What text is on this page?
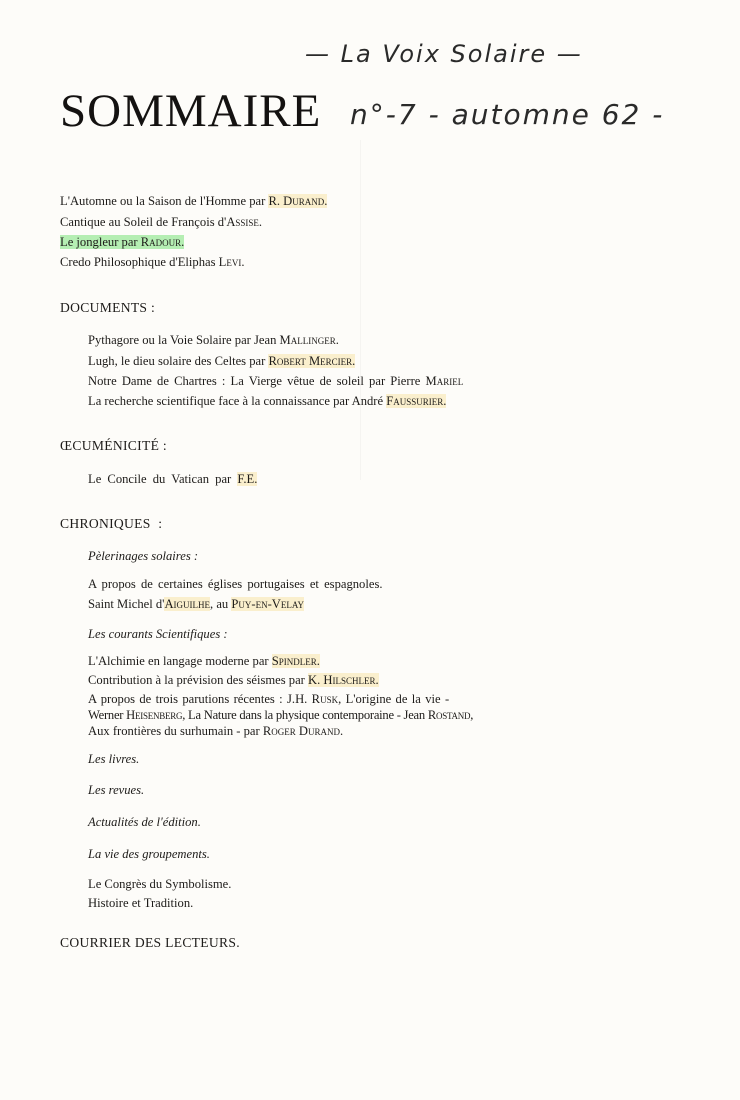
— La Voix Solaire —
SOMMAIRE n°-7 - automne 62 -
L'Automne ou la Saison de l'Homme par R. Durand.
Cantique au Soleil de François d'Assise.
Le jongleur par Radour.
Credo Philosophique d'Eliphas Levi.
DOCUMENTS :
Pythagore ou la Voie Solaire par Jean Mallinger.
Lugh, le dieu solaire des Celtes par Robert Mercier.
Notre Dame de Chartres : La Vierge vêtue de soleil par Pierre Mariel
La recherche scientifique face à la connaissance par André Faussurier.
ŒCUMÉNICITÉ :
Le Concile du Vatican par F.E.
CHRONIQUES :
Pèlerinages solaires :
A propos de certaines églises portugaises et espagnoles.
Saint Michel d'Aiguilhe, au Puy-en-Velay
Les courants Scientifiques :
L'Alchimie en langage moderne par Spindler.
Contribution à la prévision des séismes par K. Hilschler.
A propos de trois parutions récentes : J.H. Rusk, L'origine de la vie -
Werner Heisenberg, La Nature dans la physique contemporaine - Jean Rostand,
Aux frontières du surhumain - par Roger Durand.
Les livres.
Les revues.
Actualités de l'édition.
La vie des groupements.
Le Congrès du Symbolisme.
Histoire et Tradition.
COURRIER DES LECTEURS.
